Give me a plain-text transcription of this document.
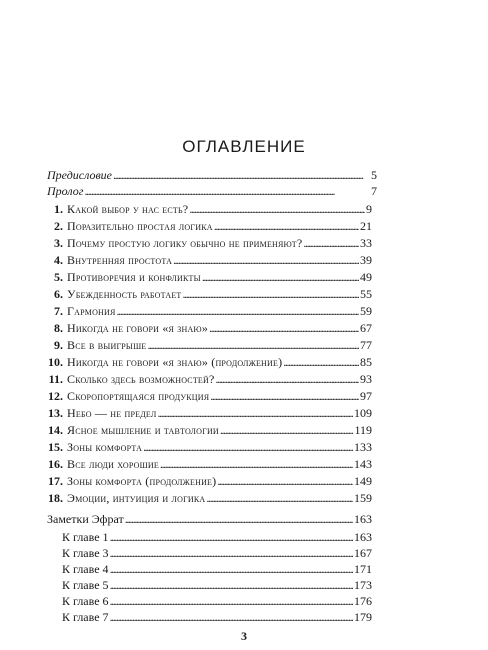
ОГЛАВЛЕНИЕ
Предисловие . . .	5
Пролог . . .	7
1. Какой выбор у нас есть? . . .	9
2. Поразительно простая логика . . .	21
3. Почему простую логику обычно не применяют? . . .	33
4. Внутренняя простота . . .	39
5. Противоречия и конфликты . . .	49
6. Убежденность работает . . .	55
7. Гармония . . .	59
8. Никогда не говори «я знаю» . . .	67
9. Все в выигрыше . . .	77
10. Никогда не говори «я знаю» (продолжение) . . .	85
11. Сколько здесь возможностей? . . .	93
12. Скоропортящаяся продукция . . .	97
13. Небо — не предел . . .	109
14. Ясное мышление и тавтологии . . .	119
15. Зоны комфорта . . .	133
16. Все люди хорошие . . .	143
17. Зоны комфорта (продолжение) . . .	149
18. Эмоции, интуиция и логика . . .	159
Заметки Эфрат . . .	163
К главе 1 . . .	163
К главе 3 . . .	167
К главе 4 . . .	171
К главе 5 . . .	173
К главе 6 . . .	176
К главе 7 . . .	179
3
